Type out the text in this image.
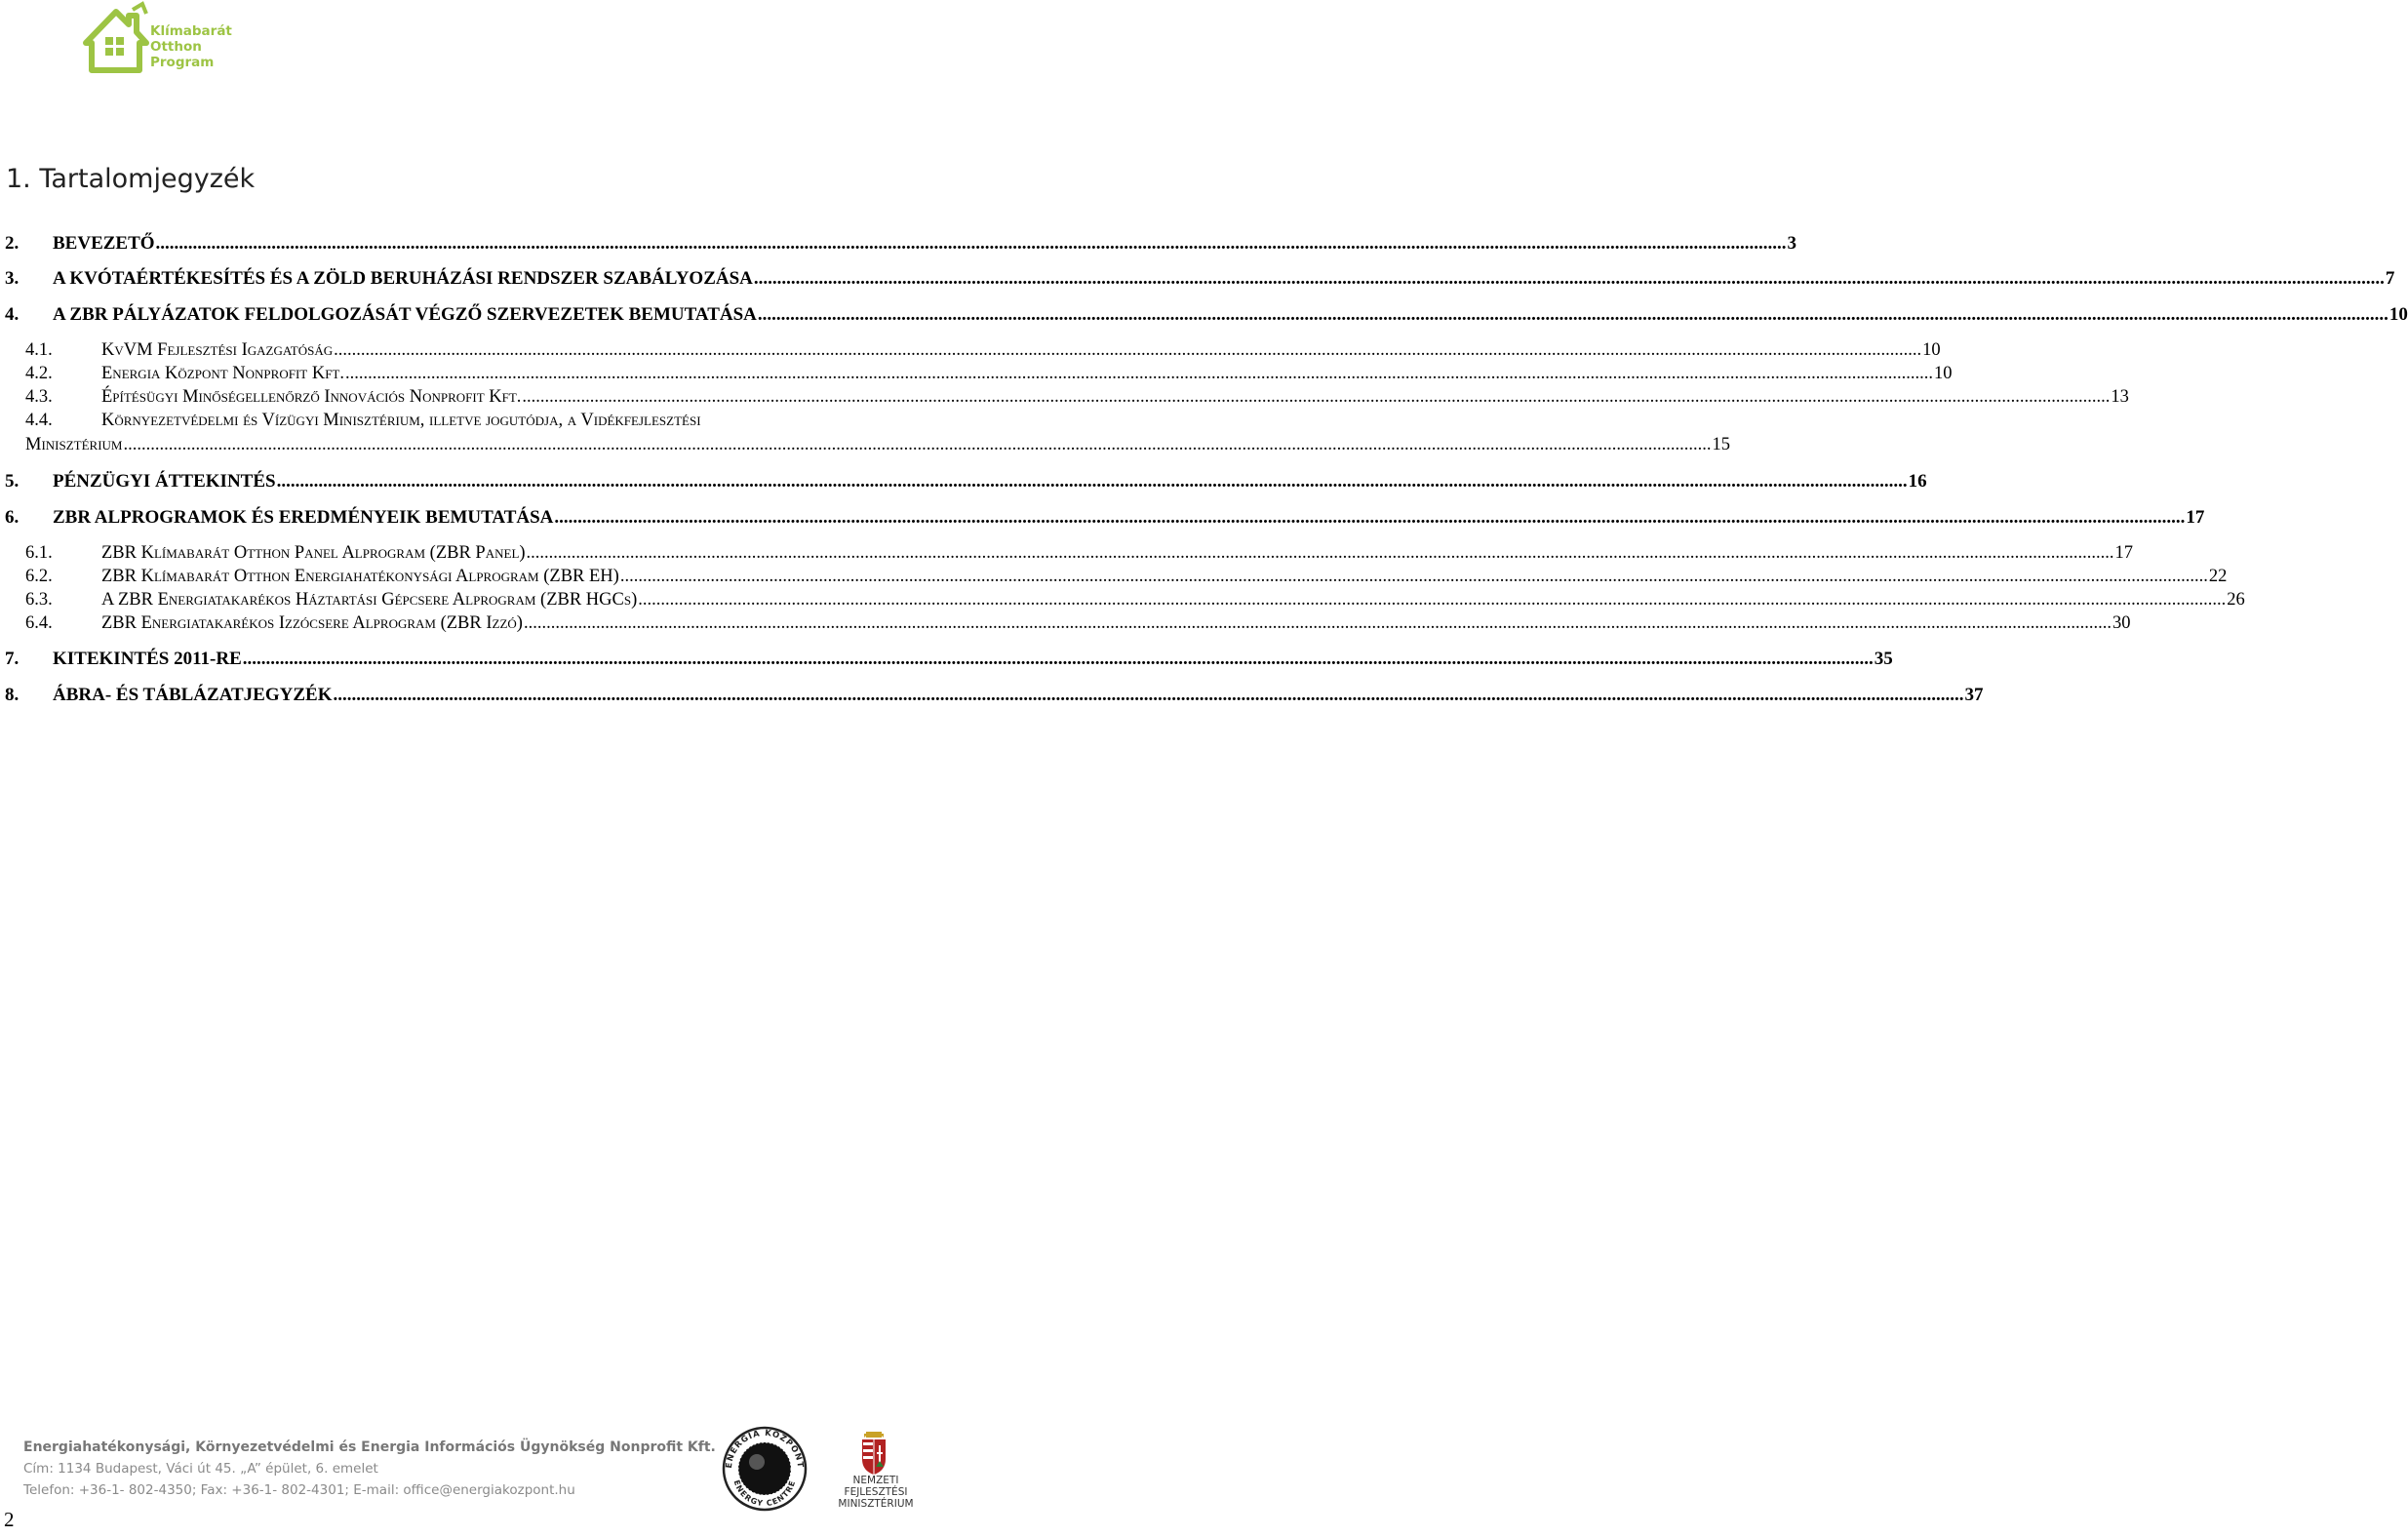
Klímabarát
Otthon
Program
1. Tartalomjegyzék
2.	BEVEZETŐ .....	3
3.	A KVÓTAÉRTÉKESÍTÉS ÉS A ZÖLD BERUHÁZÁSI RENDSZER SZABÁLYOZÁSA .....	7
4.	A ZBR PÁLYÁZATOK FELDOLGOZÁSÁT VÉGZŐ SZERVEZETEK BEMUTATÁSA .....	10
4.1.	KvVM Fejlesztési Igazgatóság .....	10
4.2.	Energia Központ Nonprofit Kft. .....	10
4.3.	Építésügyi Minőségellenőrző Innovációs Nonprofit Kft. .....	13
4.4.	Környezetvédelmi és Vízügyi Minisztérium, illetve jogutódja, a Vidékfejlesztési
Minisztérium .....	15
5.	PÉNZÜGYI ÁTTEKINTÉS .....	16
6.	ZBR ALPROGRAMOK ÉS EREDMÉNYEIK BEMUTATÁSA .....	17
6.1.	ZBR Klímabarát Otthon Panel Alprogram (ZBR Panel) .....	17
6.2.	ZBR Klímabarát Otthon Energiahatékonysági Alprogram (ZBR EH) .....	22
6.3.	A ZBR Energiatakarékos Háztartási Gépcsere Alprogram (ZBR HGCs) .....	26
6.4.	ZBR Energiatakarékos Izzócsere Alprogram (ZBR Izzó) .....	30
7.	KITEKINTÉS 2011-RE .....	35
8.	ÁBRA- ÉS TÁBLÁZATJEGYZÉK .....	37
Energiahatékonysági, Környezetvédelmi és Energia Információs Ügynökség Nonprofit Kft.
Cím: 1134 Budapest, Váci út 45. „A” épület, 6. emelet
Telefon: +36-1- 802-4350; Fax: +36-1- 802-4301; E-mail: office@energiakozpont.hu
ENERGIA KÖZPONT
ENERGY CENTRE	NEMZETI FEJLESZTÉSI
MINISZTÉRIUM
2
